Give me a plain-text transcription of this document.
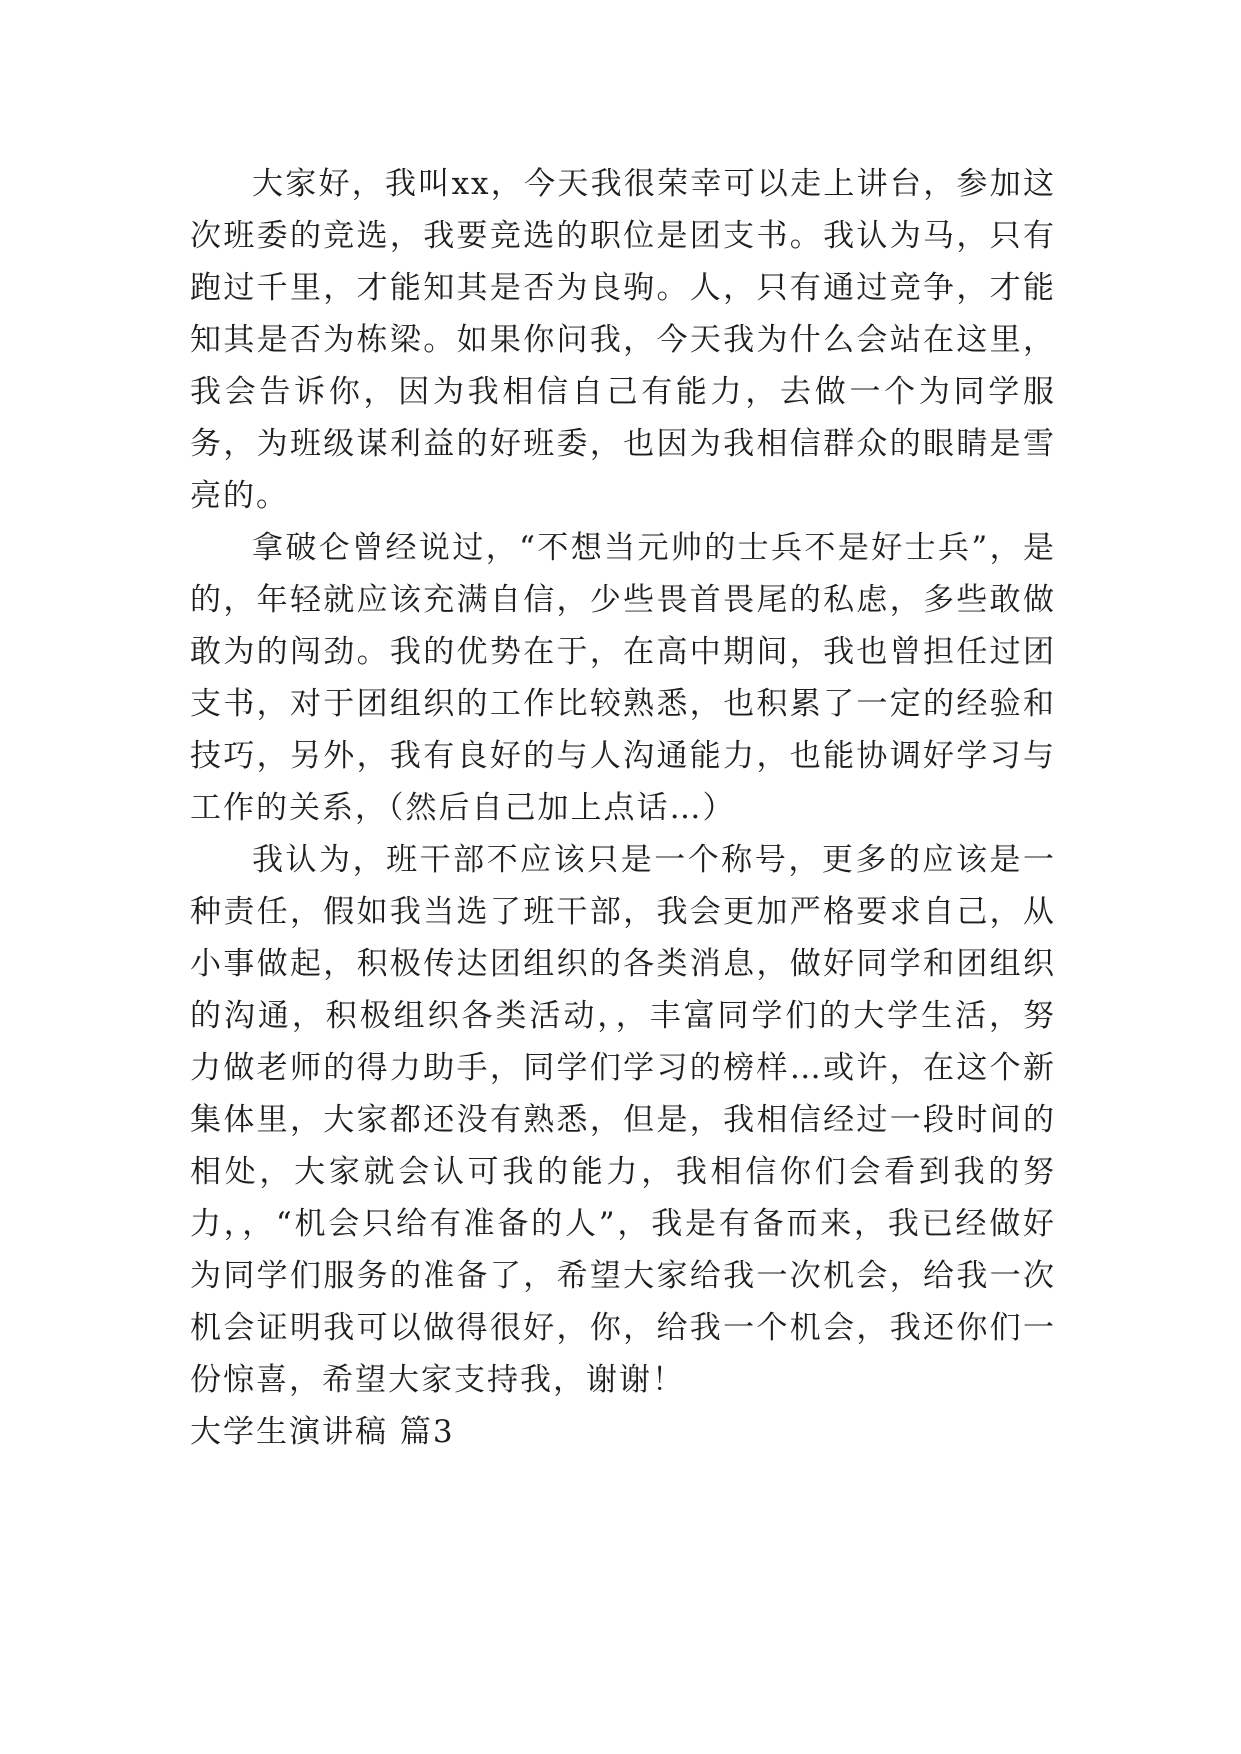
大家好，我叫xx，今天我很荣幸可以走上讲台，参加这次班委的竞选，我要竞选的职位是团支书。我认为马，只有跑过千里，才能知其是否为良驹。人，只有通过竞争，才能知其是否为栋梁。如果你问我，今天我为什么会站在这里，我会告诉你，因为我相信自己有能力，去做一个为同学服务，为班级谋利益的好班委，也因为我相信群众的眼睛是雪亮的。

拿破仑曾经说过，“不想当元帅的士兵不是好士兵”，是的，年轻就应该充满自信，少些畏首畏尾的私虑，多些敢做敢为的闯劲。我的优势在于，在高中期间，我也曾担任过团支书，对于团组织的工作比较熟悉，也积累了一定的经验和技巧，另外，我有良好的与人沟通能力，也能协调好学习与工作的关系，（然后自己加上点话…）

我认为，班干部不应该只是一个称号，更多的应该是一种责任，假如我当选了班干部，我会更加严格要求自己，从小事做起，积极传达团组织的各类消息，做好同学和团组织的沟通，积极组织各类活动，，丰富同学们的大学生活，努力做老师的得力助手，同学们学习的榜样…或许，在这个新集体里，大家都还没有熟悉，但是，我相信经过一段时间的相处，大家就会认可我的能力，我相信你们会看到我的努力，，“机会只给有准备的人”，我是有备而来，我已经做好为同学们服务的准备了，希望大家给我一次机会，给我一次机会证明我可以做得很好，你，给我一个机会，我还你们一份惊喜，希望大家支持我，谢谢！

大学生演讲稿 篇3
